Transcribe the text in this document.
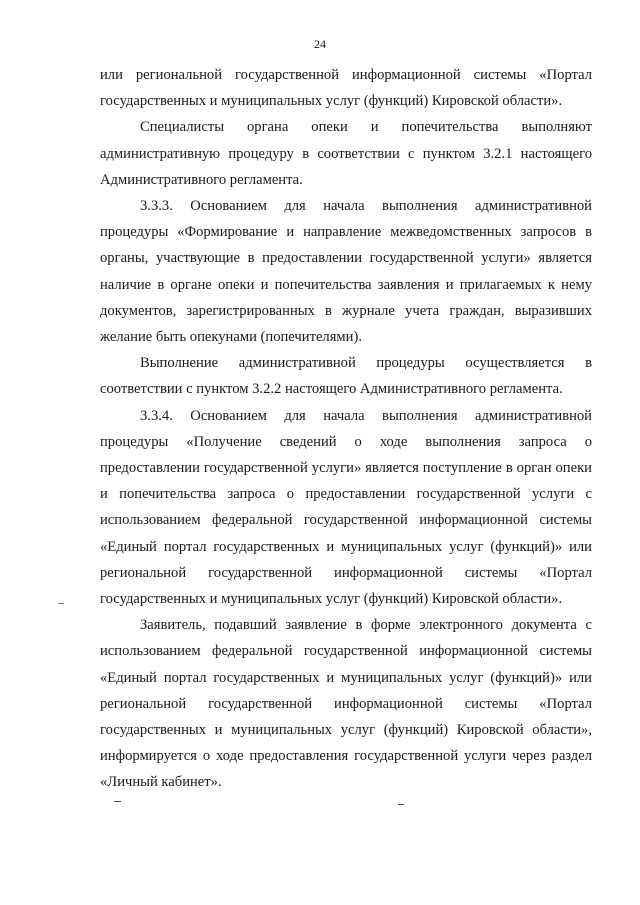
24

или региональной государственной информационной системы «Портал государственных и муниципальных услуг (функций) Кировской области».

Специалисты органа опеки и попечительства выполняют административную процедуру в соответствии с пунктом 3.2.1 настоящего Административного регламента.

3.3.3. Основанием для начала выполнения административной процедуры «Формирование и направление межведомственных запросов в органы, участвующие в предоставлении государственной услуги» является наличие в органе опеки и попечительства заявления и прилагаемых к нему документов, зарегистрированных в журнале учета граждан, выразивших желание быть опекунами (попечителями).

Выполнение административной процедуры осуществляется в соответствии с пунктом 3.2.2 настоящего Административного регламента.

3.3.4. Основанием для начала выполнения административной процедуры «Получение сведений о ходе выполнения запроса о предоставлении государственной услуги» является поступление в орган опеки и попечительства запроса о предоставлении государственной услуги с использованием федеральной государственной информационной системы «Единый портал государственных и муниципальных услуг (функций)» или региональной государственной информационной системы «Портал государственных и муниципальных услуг (функций) Кировской области».

Заявитель, подавший заявление в форме электронного документа с использованием федеральной государственной информационной системы «Единый портал государственных и муниципальных услуг (функций)» или региональной государственной информационной системы «Портал государственных и муниципальных услуг (функций) Кировской области», информируется о ходе предоставления государственной услуги через раздел «Личный кабинет».
